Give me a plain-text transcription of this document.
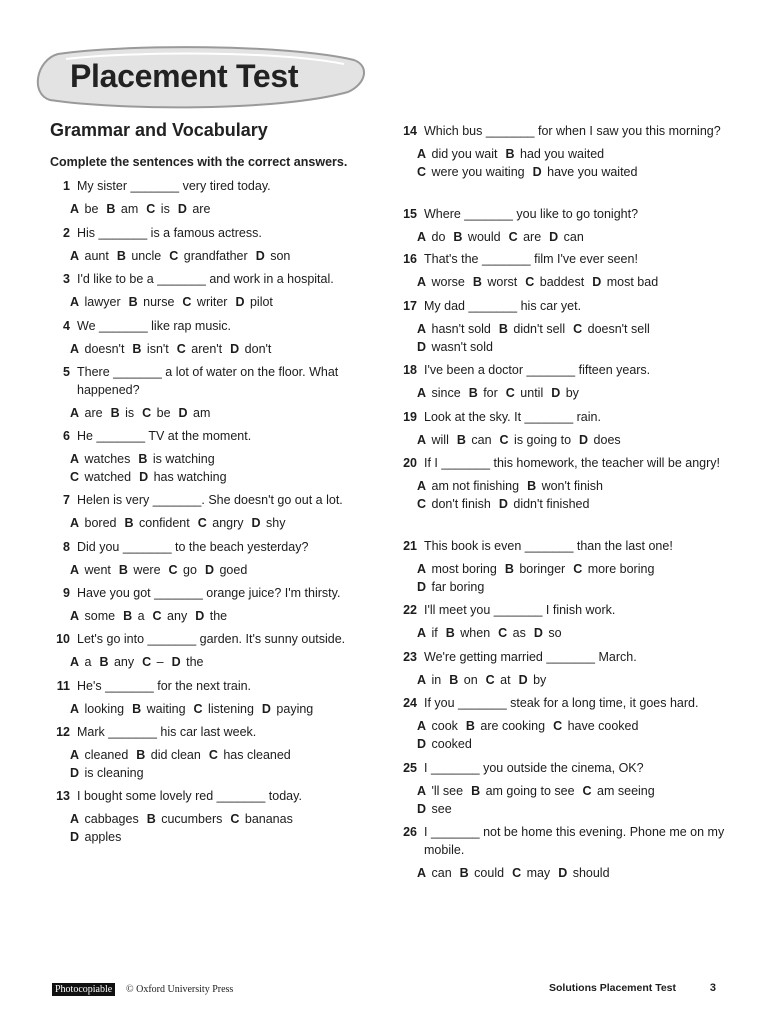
Placement Test
Grammar and Vocabulary

Complete the sentences with the correct answers.

1 My sister _______ very tired today.
A be B am C is D are
2 His _______ is a famous actress.
A aunt B uncle C grandfather D son
3 I'd like to be a _______ and work in a hospital.
A lawyer B nurse C writer D pilot
4 We _______ like rap music.
A doesn't B isn't C aren't D don't
5 There _______ a lot of water on the floor. What happened?
A are B is C be D am
6 He _______ TV at the moment.
A watches B is watching
C watched D has watching
7 Helen is very _______. She doesn't go out a lot.
A bored B confident C angry D shy
8 Did you _______ to the beach yesterday?
A went B were C go D goed
9 Have you got _______ orange juice? I'm thirsty.
A some B a C any D the
10 Let's go into _______ garden. It's sunny outside.
A a B any C – D the
11 He's _______ for the next train.
A looking B waiting C listening D paying
12 Mark _______ his car last week.
A cleaned B did clean C has cleaned
D is cleaning
13 I bought some lovely red _______ today.
A cabbages B cucumbers C bananas
D apples
14 Which bus _______ for when I saw you this morning?
A did you wait B had you waited
C were you waiting D have you waited
15 Where _______ you like to go tonight?
A do B would C are D can
16 That's the _______ film I've ever seen!
A worse B worst C baddest D most bad
17 My dad _______ his car yet.
A hasn't sold B didn't sell C doesn't sell
D wasn't sold
18 I've been a doctor _______ fifteen years.
A since B for C until D by
19 Look at the sky. It _______ rain.
A will B can C is going to D does
20 If I _______ this homework, the teacher will be angry!
A am not finishing B won't finish
C don't finish D didn't finished
21 This book is even _______ than the last one!
A most boring B boringer C more boring
D far boring
22 I'll meet you _______ I finish work.
A if B when C as D so
23 We're getting married _______ March.
A in B on C at D by
24 If you _______ steak for a long time, it goes hard.
A cook B are cooking C have cooked
D cooked
25 I _______ you outside the cinema, OK?
A 'll see B am going to see C am seeing
D see
26 I _______ not be home this evening. Phone me on my mobile.
A can B could C may D should
Photocopiable	© Oxford University Press	Solutions Placement Test	3
